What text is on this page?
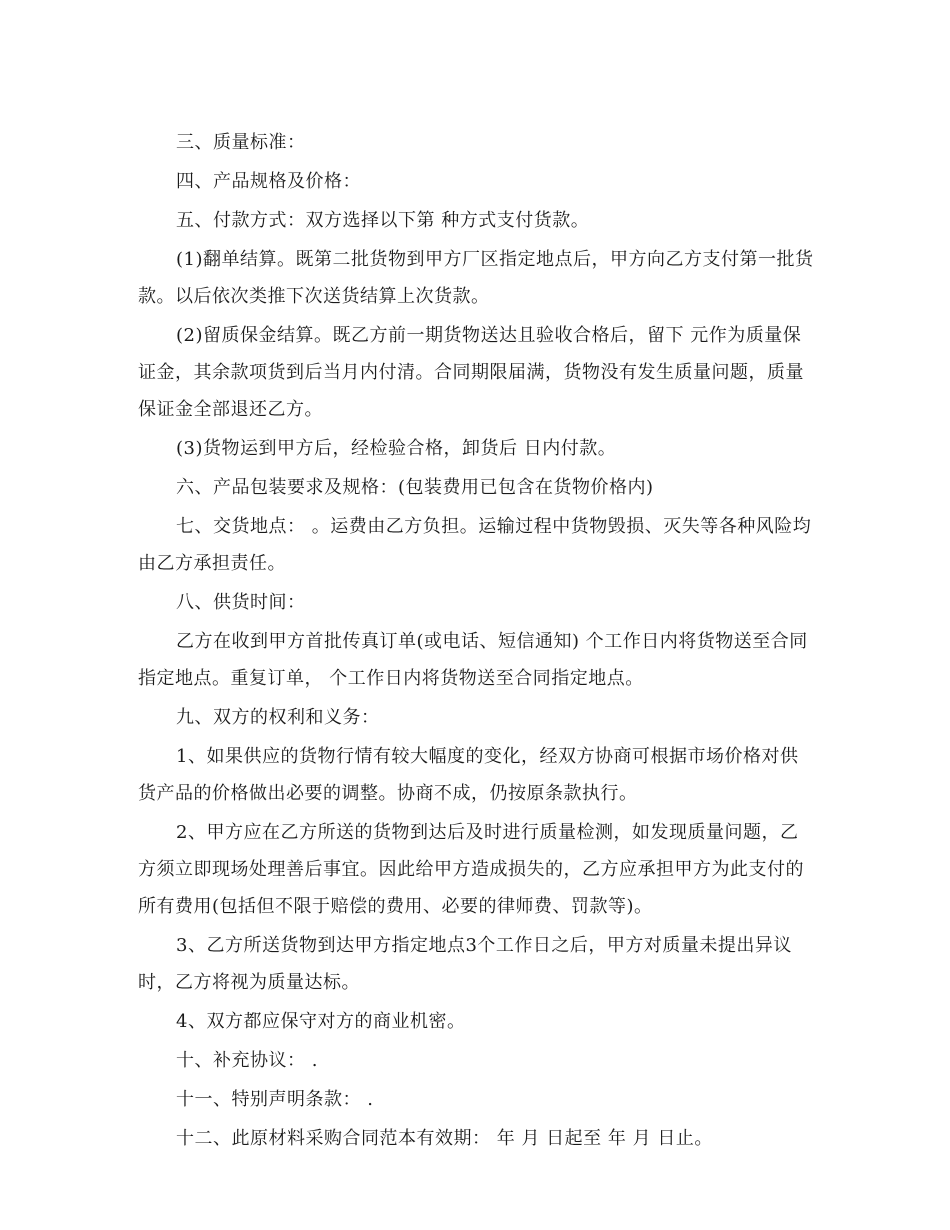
三、质量标准：

四、产品规格及价格：

五、付款方式：双方选择以下第 种方式支付货款。

(1)翻单结算。既第二批货物到甲方厂区指定地点后，甲方向乙方支付第一批货款。以后依次类推下次送货结算上次货款。

(2)留质保金结算。既乙方前一期货物送达且验收合格后，留下 元作为质量保证金，其余款项货到后当月内付清。合同期限届满，货物没有发生质量问题，质量保证金全部退还乙方。

(3)货物运到甲方后，经检验合格，卸货后 日内付款。

六、产品包装要求及规格：(包装费用已包含在货物价格内)

七、交货地点： 。运费由乙方负担。运输过程中货物毁损、灭失等各种风险均由乙方承担责任。

八、供货时间：

乙方在收到甲方首批传真订单(或电话、短信通知) 个工作日内将货物送至合同指定地点。重复订单， 个工作日内将货物送至合同指定地点。

九、双方的权利和义务：

1、如果供应的货物行情有较大幅度的变化，经双方协商可根据市场价格对供货产品的价格做出必要的调整。协商不成，仍按原条款执行。

2、甲方应在乙方所送的货物到达后及时进行质量检测，如发现质量问题，乙方须立即现场处理善后事宜。因此给甲方造成损失的，乙方应承担甲方为此支付的所有费用(包括但不限于赔偿的费用、必要的律师费、罚款等)。

3、乙方所送货物到达甲方指定地点3个工作日之后，甲方对质量未提出异议时，乙方将视为质量达标。

4、双方都应保守对方的商业机密。

十、补充协议： .

十一、特别声明条款： .

十二、此原材料采购合同范本有效期： 年 月 日起至 年 月 日止。
